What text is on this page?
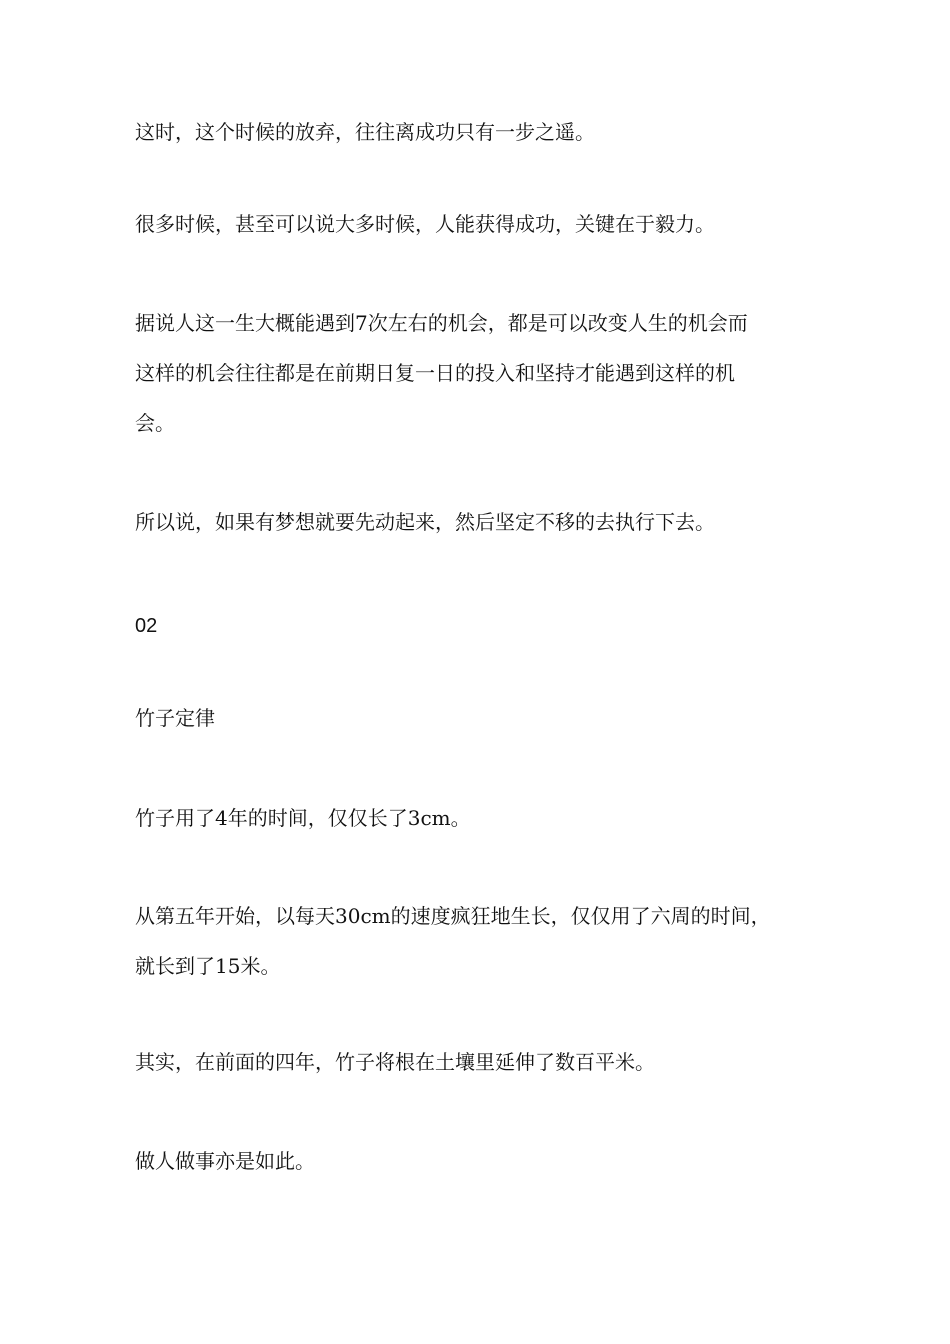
这时，这个时候的放弃，往往离成功只有一步之遥。

很多时候，甚至可以说大多时候，人能获得成功，关键在于毅力。

据说人这一生大概能遇到7次左右的机会，都是可以改变人生的机会而
这样的机会往往都是在前期日复一日的投入和坚持才能遇到这样的机
会。

所以说，如果有梦想就要先动起来，然后坚定不移的去执行下去。

02

竹子定律

竹子用了4年的时间，仅仅长了3cm。

从第五年开始，以每天30cm的速度疯狂地生长，仅仅用了六周的时间，
就长到了15米。

其实，在前面的四年，竹子将根在土壤里延伸了数百平米。

做人做事亦是如此。
